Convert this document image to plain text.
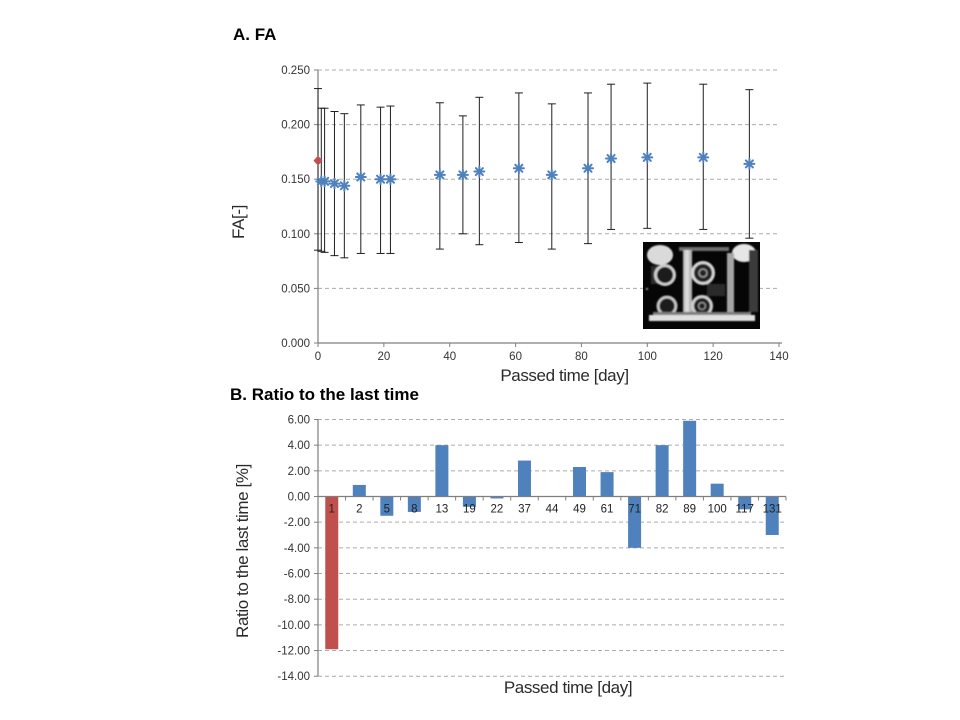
A. FA
B. Ratio to the last time
0.000
0.050
0.100
0.150
0.200
0.250
0	20	40	60	80	100	120	140
Passed time [day]
FA[-]
6.00
4.00
2.00
0.00
-2.00
-4.00
-6.00
-8.00
-10.00
-12.00
-14.00
1 2 5 8 13 19 22 37 44 49 61 71 82 89 100 117 131
Passed time [day]
Ratio to the last time [%]
